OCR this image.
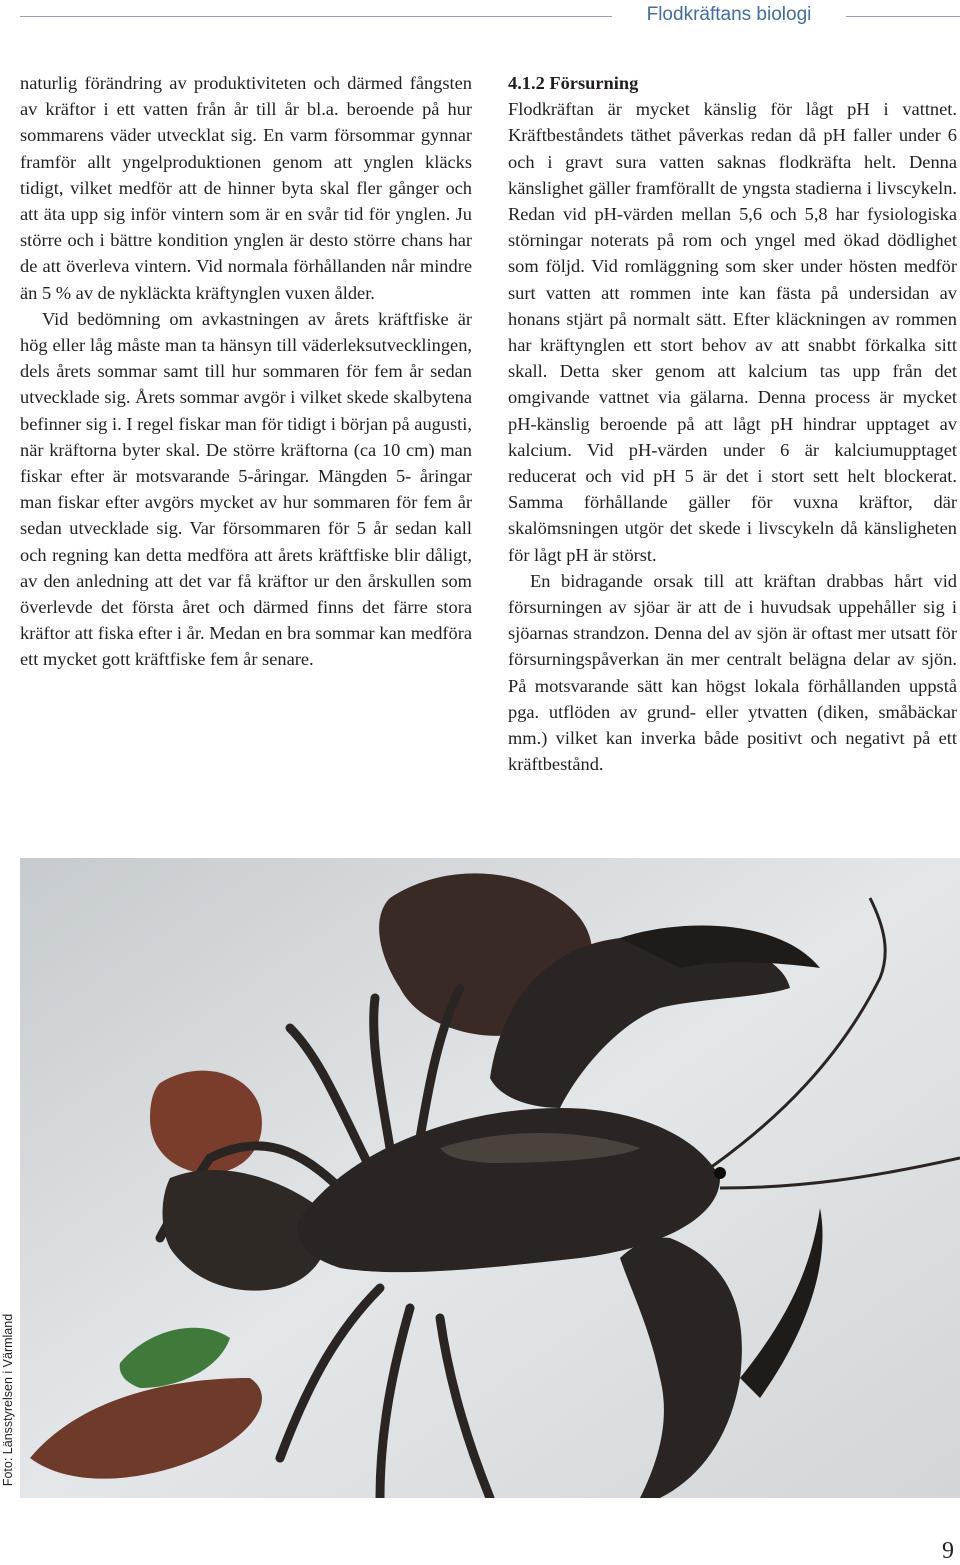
Flodkräftans biologi

naturlig förändring av produktiviteten och därmed fångsten av kräftor i ett vatten från år till år bl.a. beroende på hur sommarens väder utvecklat sig. En varm försommar gynnar framför allt yngelproduktionen genom att ynglen kläcks tidigt, vilket medför att de hinner byta skal fler gånger och att äta upp sig inför vintern som är en svår tid för ynglen. Ju större och i bättre kondition ynglen är desto större chans har de att överleva vintern. Vid normala förhållanden når mindre än 5 % av de nykläckta kräftynglen vuxen ålder.

Vid bedömning om avkastningen av årets kräftfiske är hög eller låg måste man ta hänsyn till väderleksutvecklingen, dels årets sommar samt till hur sommaren för fem år sedan utvecklade sig. Årets sommar avgör i vilket skede skalbytena befinner sig i. I regel fiskar man för tidigt i början på augusti, när kräftorna byter skal. De större kräftorna (ca 10 cm) man fiskar efter är motsvarande 5-åringar. Mängden 5- åringar man fiskar efter avgörs mycket av hur sommaren för fem år sedan utvecklade sig. Var försommaren för 5 år sedan kall och regning kan detta medföra att årets kräftfiske blir dåligt, av den anledning att det var få kräftor ur den årskullen som överlevde det första året och därmed finns det färre stora kräftor att fiska efter i år. Medan en bra sommar kan medföra ett mycket gott kräftfiske fem år senare.

4.1.2 Försurning

Flodkräftan är mycket känslig för lågt pH i vattnet. Kräftbeståndets täthet påverkas redan då pH faller under 6 och i gravt sura vatten saknas flodkräfta helt. Denna känslighet gäller framförallt de yngsta stadierna i livscykeln. Redan vid pH-värden mellan 5,6 och 5,8 har fysiologiska störningar noterats på rom och yngel med ökad dödlighet som följd. Vid romläggning som sker under hösten medför surt vatten att rommen inte kan fästa på undersidan av honans stjärt på normalt sätt. Efter kläckningen av rommen har kräftynglen ett stort behov av att snabbt förkalka sitt skall. Detta sker genom att kalcium tas upp från det omgivande vattnet via gälarna. Denna process är mycket pH-känslig beroende på att lågt pH hindrar upptaget av kalcium. Vid pH-värden under 6 är kalciumupptaget reducerat och vid pH 5 är det i stort sett helt blockerat. Samma förhållande gäller för vuxna kräftor, där skalömsningen utgör det skede i livscykeln då känsligheten för lågt pH är störst.

En bidragande orsak till att kräftan drabbas hårt vid försurningen av sjöar är att de i huvudsak uppehåller sig i sjöarnas strandzon. Denna del av sjön är oftast mer utsatt för försurningspåverkan än mer centralt belägna delar av sjön. På motsvarande sätt kan högst lokala förhållanden uppstå pga. utflöden av grund- eller ytvatten (diken, småbäckar mm.) vilket kan inverka både positivt och negativt på ett kräftbestånd.

Foto: Länsstyrelsen i Värmland
9
